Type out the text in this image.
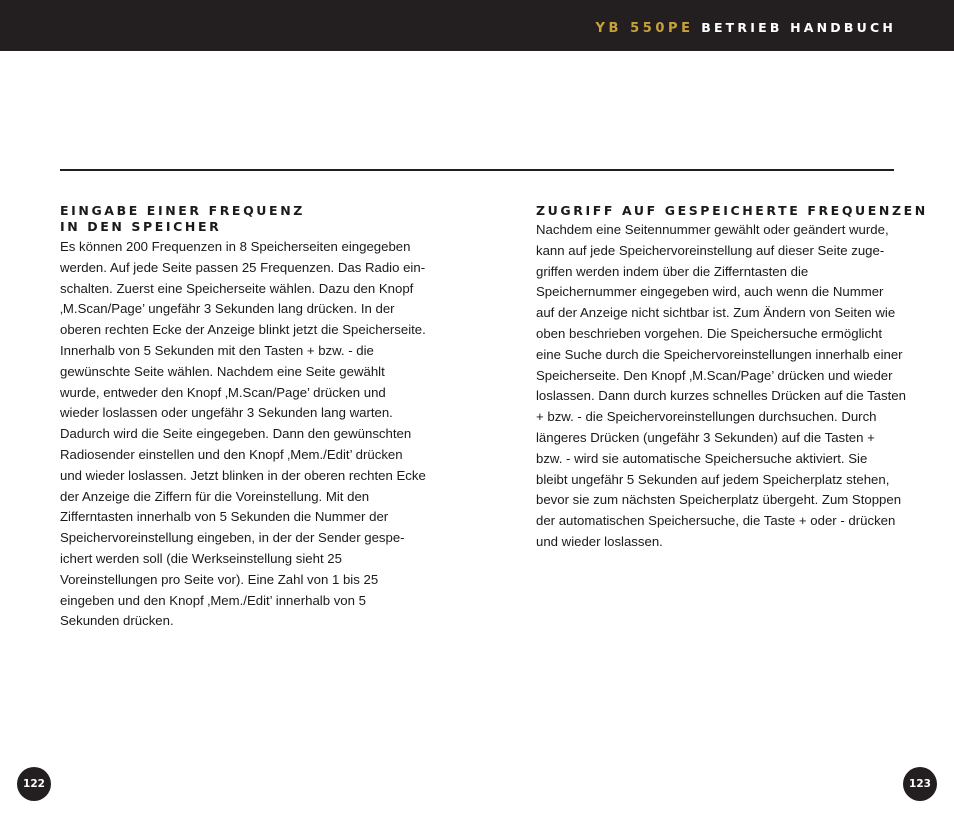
YB 550PE BETRIEB HANDBUCH
EINGABE EINER FREQUENZ
IN DEN SPEICHER
Es können 200 Frequenzen in 8 Speicherseiten eingegeben
werden. Auf jede Seite passen 25 Frequenzen. Das Radio ein-
schalten. Zuerst eine Speicherseite wählen. Dazu den Knopf
‚M.Scan/Page’ ungefähr 3 Sekunden lang drücken. In der
oberen rechten Ecke der Anzeige blinkt jetzt die Speicherseite.
Innerhalb von 5 Sekunden mit den Tasten + bzw. - die
gewünschte Seite wählen. Nachdem eine Seite gewählt
wurde, entweder den Knopf ‚M.Scan/Page’ drücken und
wieder loslassen oder ungefähr 3 Sekunden lang warten.
Dadurch wird die Seite eingegeben. Dann den gewünschten
Radiosender einstellen und den Knopf ‚Mem./Edit’ drücken
und wieder loslassen. Jetzt blinken in der oberen rechten Ecke
der Anzeige die Ziffern für die Voreinstellung. Mit den
Zifferntasten innerhalb von 5 Sekunden die Nummer der
Speichervoreinstellung eingeben, in der der Sender gespe-
ichert werden soll (die Werkseinstellung sieht 25
Voreinstellungen pro Seite vor). Eine Zahl von 1 bis 25
eingeben und den Knopf ‚Mem./Edit’ innerhalb von 5
Sekunden drücken.
ZUGRIFF AUF GESPEICHERTE FREQUENZEN
Nachdem eine Seitennummer gewählt oder geändert wurde,
kann auf jede Speichervoreinstellung auf dieser Seite zuge-
griffen werden indem über die Zifferntasten die
Speichernummer eingegeben wird, auch wenn die Nummer
auf der Anzeige nicht sichtbar ist. Zum Ändern von Seiten wie
oben beschrieben vorgehen. Die Speichersuche ermöglicht
eine Suche durch die Speichervoreinstellungen innerhalb einer
Speicherseite. Den Knopf ‚M.Scan/Page’ drücken und wieder
loslassen. Dann durch kurzes schnelles Drücken auf die Tasten
+ bzw. - die Speichervoreinstellungen durchsuchen. Durch
längeres Drücken (ungefähr 3 Sekunden) auf die Tasten +
bzw. - wird sie automatische Speichersuche aktiviert. Sie
bleibt ungefähr 5 Sekunden auf jedem Speicherplatz stehen,
bevor sie zum nächsten Speicherplatz übergeht. Zum Stoppen
der automatischen Speichersuche, die Taste + oder - drücken
und wieder loslassen.
122	123
